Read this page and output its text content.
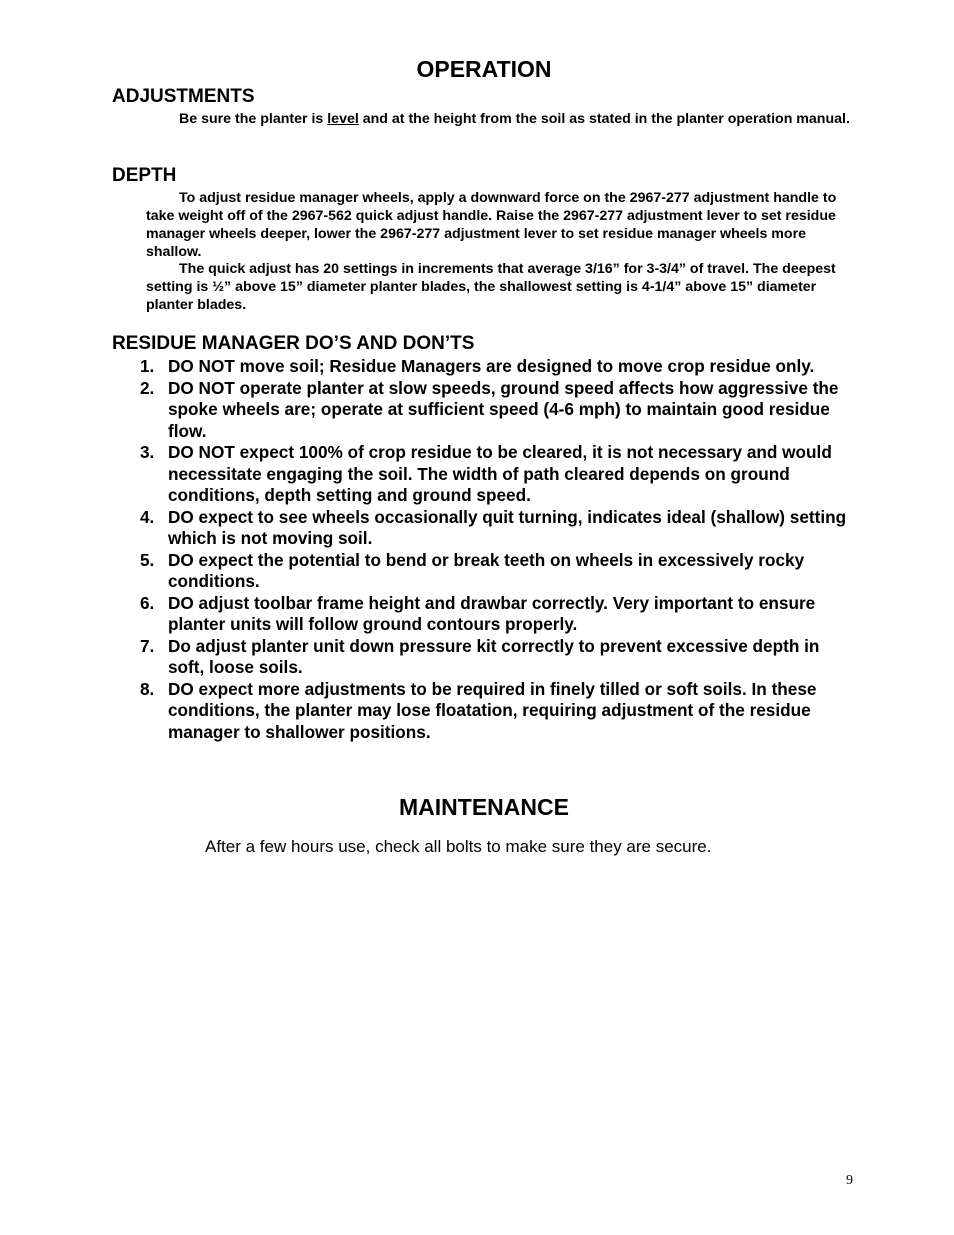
OPERATION
ADJUSTMENTS

Be sure the planter is level and at the height from the soil as stated in the planter operation manual.

DEPTH

To adjust residue manager wheels, apply a downward force on the 2967-277 adjustment handle to take weight off of the 2967-562 quick adjust handle. Raise the 2967-277 adjustment lever to set residue manager wheels deeper, lower the 2967-277 adjustment lever to set residue manager wheels more shallow.

The quick adjust has 20 settings in increments that average 3/16” for 3-3/4” of travel. The deepest setting is ½” above 15” diameter planter blades, the shallowest setting is 4-1/4” above 15” diameter planter blades.

RESIDUE MANAGER DO’S AND DON’TS
1. DO NOT move soil; Residue Managers are designed to move crop residue only.
2. DO NOT operate planter at slow speeds, ground speed affects how aggressive the spoke wheels are; operate at sufficient speed (4-6 mph) to maintain good residue flow.
3. DO NOT expect 100% of crop residue to be cleared, it is not necessary and would necessitate engaging the soil. The width of path cleared depends on ground conditions, depth setting and ground speed.
4. DO expect to see wheels occasionally quit turning, indicates ideal (shallow) setting which is not moving soil.
5. DO expect the potential to bend or break teeth on wheels in excessively rocky conditions.
6. DO adjust toolbar frame height and drawbar correctly. Very important to ensure planter units will follow ground contours properly.
7. Do adjust planter unit down pressure kit correctly to prevent excessive depth in soft, loose soils.
8. DO expect more adjustments to be required in finely tilled or soft soils. In these conditions, the planter may lose floatation, requiring adjustment of the residue manager to shallower positions.
MAINTENANCE

After a few hours use, check all bolts to make sure they are secure.

9
